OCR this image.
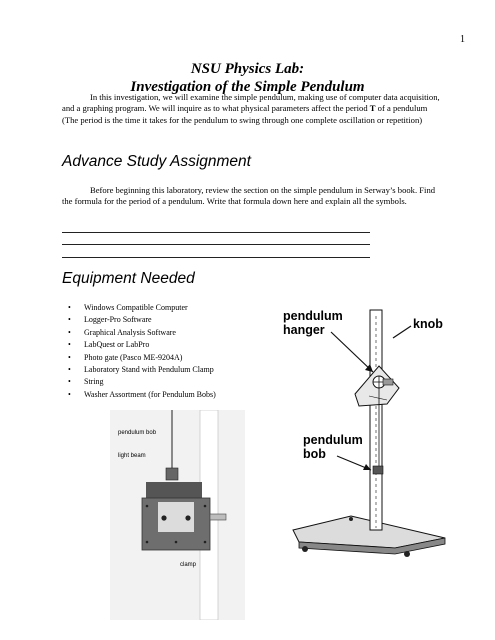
1
NSU Physics Lab:
Investigation of the Simple Pendulum

In this investigation, we will examine the simple pendulum, making use of computer data acquisition, and a graphing program. We will inquire as to what physical parameters affect the period T of a pendulum (The period is the time it takes for the pendulum to swing through one complete oscillation or repetition)

Advance Study Assignment

Before beginning this laboratory, review the section on the simple pendulum in Serway’s book. Find the formula for the period of a pendulum. Write that formula down here and explain all the symbols.

Equipment Needed
• Windows Compatible Computer
• Logger-Pro Software
• Graphical Analysis Software
• LabQuest or LabPro
• Photo gate (Pasco ME-9204A)
• Laboratory Stand with Pendulum Clamp
• String
• Washer Assortment (for Pendulum Bobs)
pendulum bob
light beam
clamp
pendulum
hanger	knob
pendulum
bob
